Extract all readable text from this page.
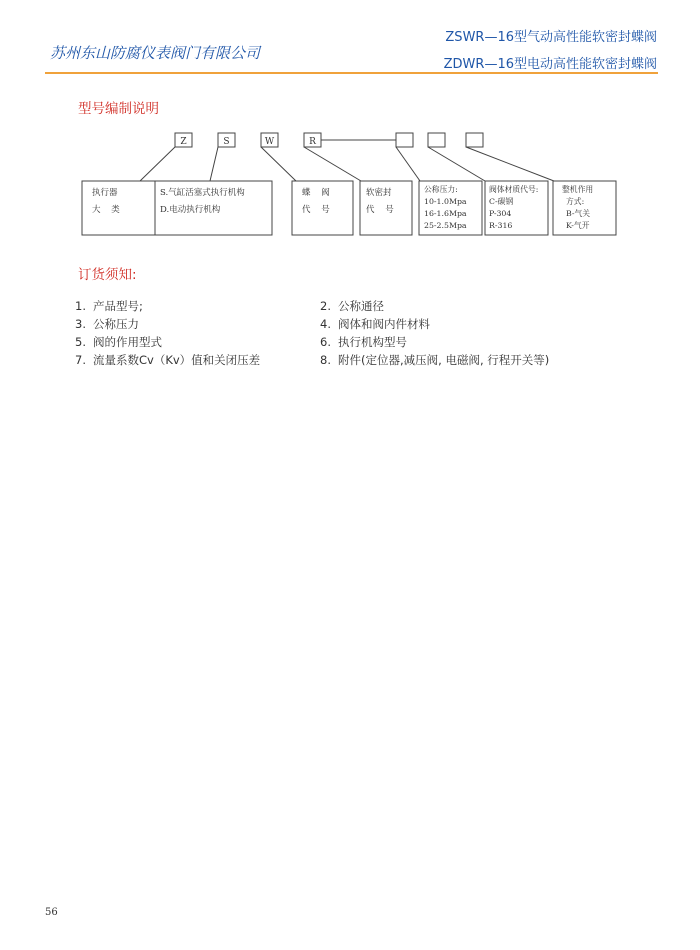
苏州东山防腐仪表阀门有限公司
ZSWR—16型气动高性能软密封蝶阀
ZDWR—16型电动高性能软密封蝶阀
型号编制说明
Z	S	W	R
执行器
大    类
S.气缸活塞式执行机构
D.电动执行机构
蝶    阀
代    号
软密封
代    号
公称压力:
10-1.0Mpa
16-1.6Mpa
25-2.5Mpa
阀体材质代号:
C-碳钢
P-304
R-316
整机作用
方式:
B-气关
K-气开
订货须知:
1. 产品型号;	2. 公称通径
3. 公称压力	4. 阀体和阀内件材料
5. 阀的作用型式	6. 执行机构型号
7. 流量系数Cv（Kv）值和关闭压差	8. 附件(定位器,减压阀, 电磁阀, 行程开关等)
56
